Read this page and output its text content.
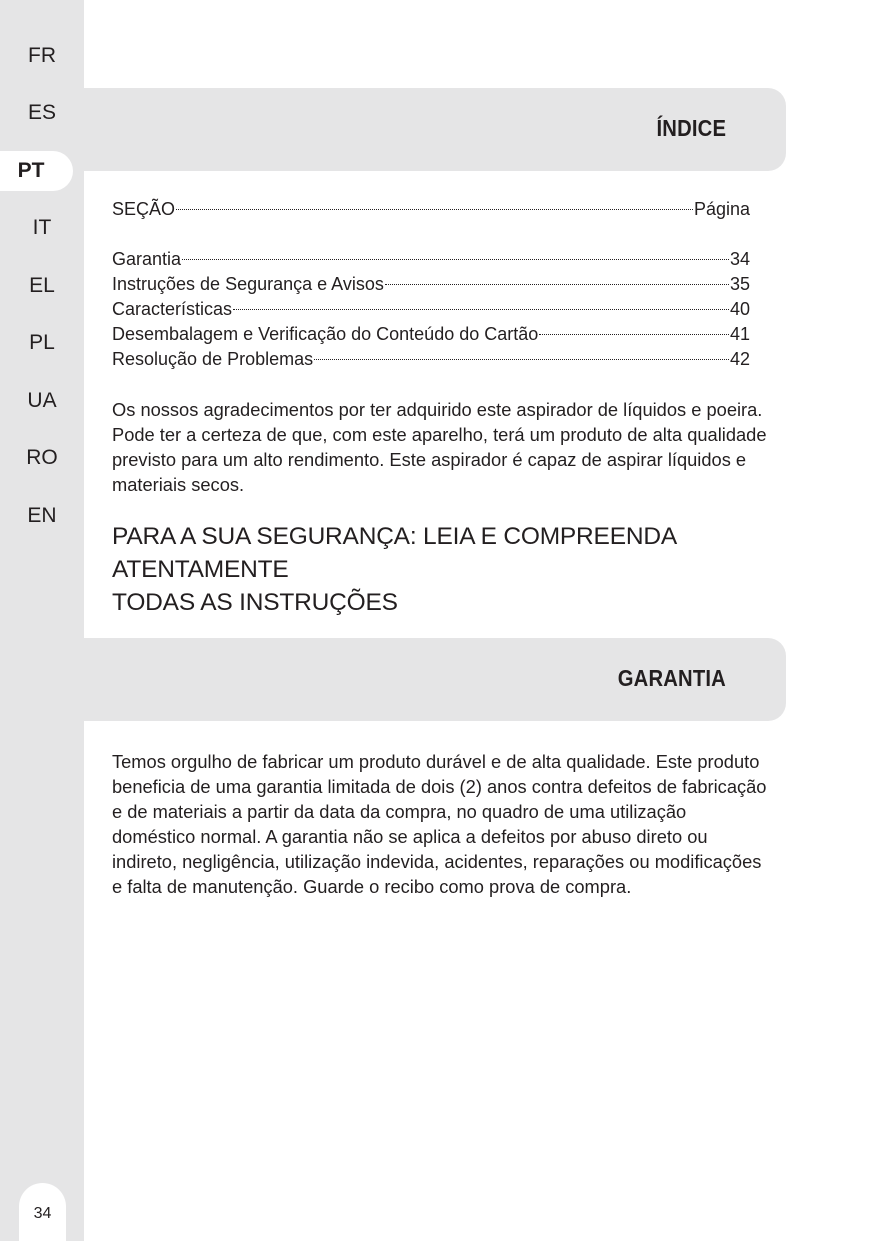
FR
ES
PT
IT
EL
PL
UA
RO
EN
34
ÍNDICE
SEÇÃO	Página
Garantia	34
Instruções de Segurança e Avisos	35
Características	40
Desembalagem e Verificação do Conteúdo do Cartão	41
Resolução de Problemas	42
Os nossos agradecimentos por ter adquirido este aspirador de líquidos e poeira.
Pode ter a certeza de que, com este aparelho, terá um produto de alta qualidade
previsto para um alto rendimento. Este aspirador é capaz de aspirar líquidos e
materiais secos.
PARA A SUA SEGURANÇA: LEIA E COMPREENDA ATENTAMENTE
TODAS AS INSTRUÇÕES
GARANTIA
Temos orgulho de fabricar um produto durável e de alta qualidade. Este produto
beneficia de uma garantia limitada de dois (2) anos contra defeitos de fabricação
e de materiais a partir da data da compra, no quadro de uma utilização
doméstico normal. A garantia não se aplica a defeitos por abuso direto ou
indireto, negligência, utilização indevida, acidentes, reparações ou modificações
e falta de manutenção. Guarde o recibo como prova de compra.
